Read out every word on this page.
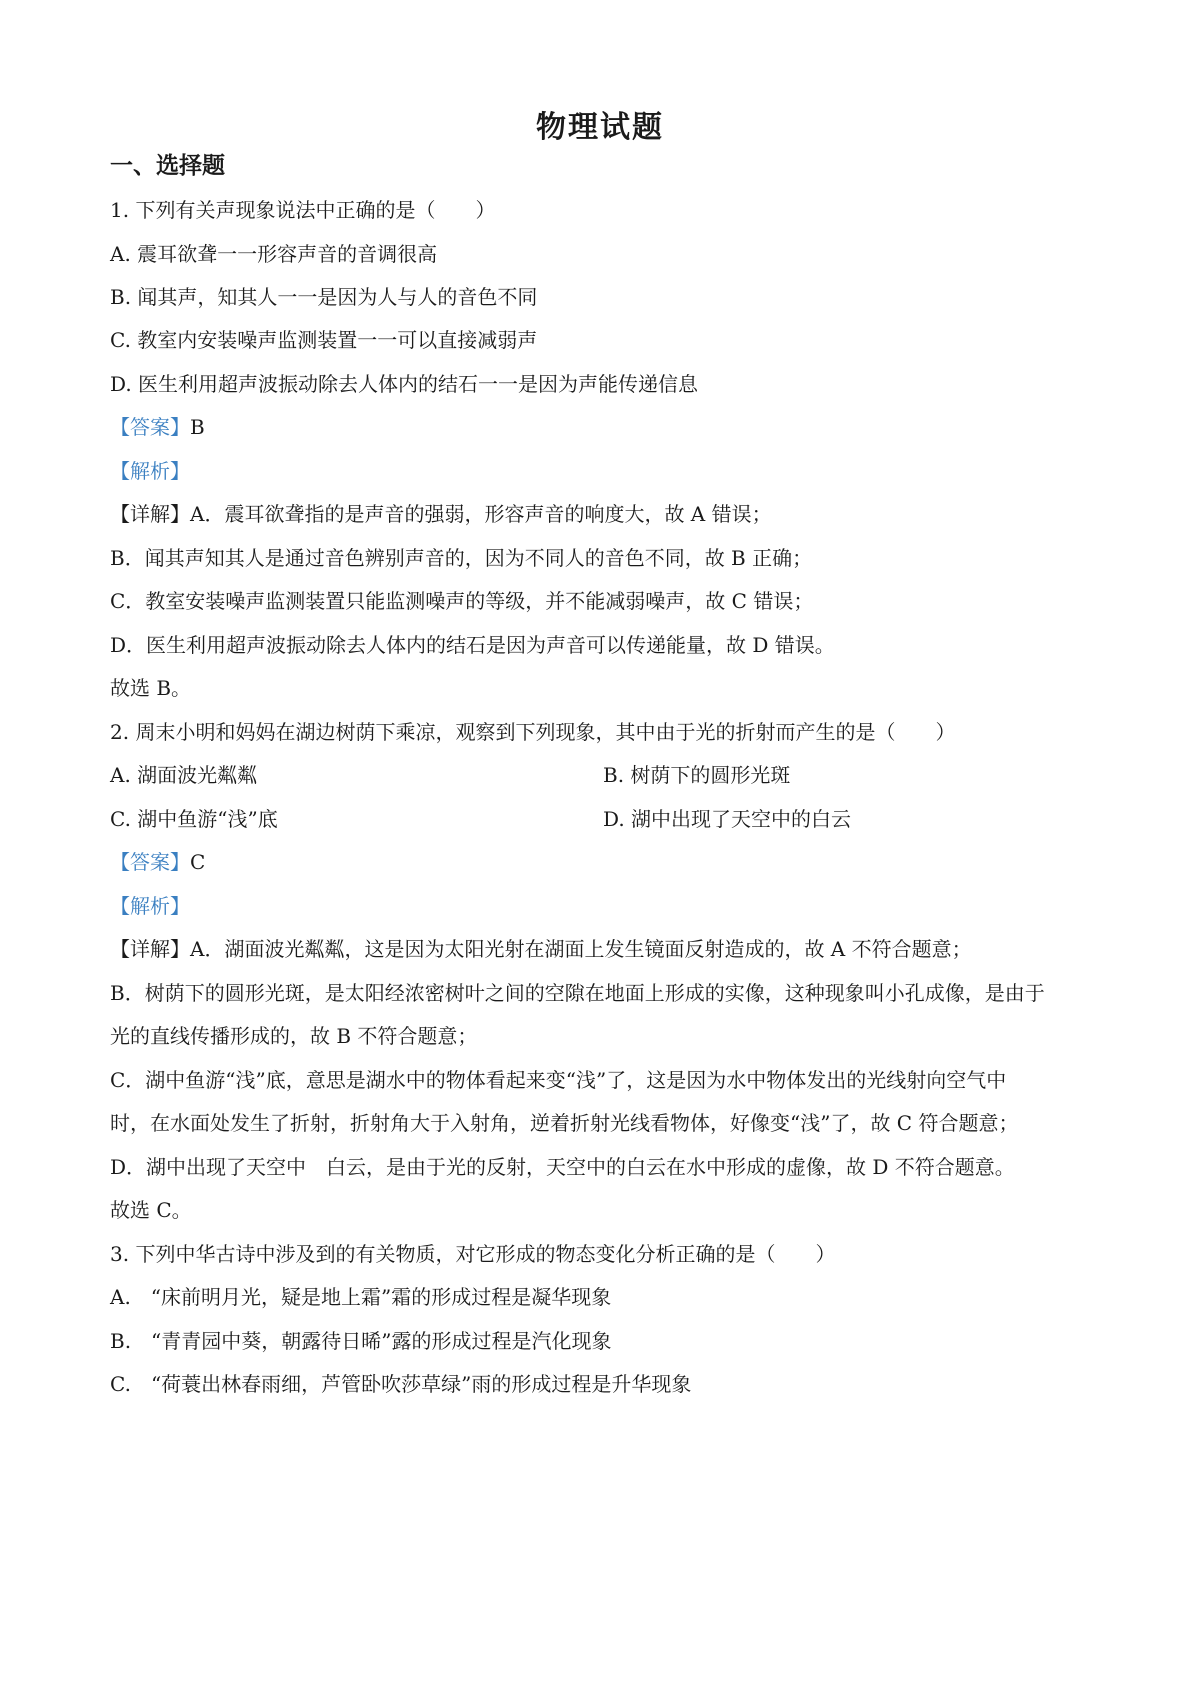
物理试题
一、选择题
1. 下列有关声现象说法中正确的是（　　）
A. 震耳欲聋一一形容声音的音调很高
B. 闻其声，知其人一一是因为人与人的音色不同
C. 教室内安装噪声监测装置一一可以直接减弱声
D. 医生利用超声波振动除去人体内的结石一一是因为声能传递信息
【答案】B
【解析】
【详解】A．震耳欲聋指的是声音的强弱，形容声音的响度大，故 A 错误；
B．闻其声知其人是通过音色辨别声音的，因为不同人的音色不同，故 B 正确；
C．教室安装噪声监测装置只能监测噪声的等级，并不能减弱噪声，故 C 错误；
D．医生利用超声波振动除去人体内的结石是因为声音可以传递能量，故 D 错误。
故选 B。
2. 周末小明和妈妈在湖边树荫下乘凉，观察到下列现象，其中由于光的折射而产生的是（　　）
A. 湖面波光粼粼	B. 树荫下的圆形光斑
C. 湖中鱼游“浅”底	D. 湖中出现了天空中的白云
【答案】C
【解析】
【详解】A．湖面波光粼粼，这是因为太阳光射在湖面上发生镜面反射造成的，故 A 不符合题意；
B．树荫下的圆形光斑，是太阳经浓密树叶之间的空隙在地面上形成的实像，这种现象叫小孔成像，是由于
光的直线传播形成的，故 B 不符合题意；
C．湖中鱼游“浅”底，意思是湖水中的物体看起来变“浅”了，这是因为水中物体发出的光线射向空气中
时，在水面处发生了折射，折射角大于入射角，逆着折射光线看物体，好像变“浅”了，故 C 符合题意；
D．湖中出现了天空中　白云，是由于光的反射，天空中的白云在水中形成的虚像，故 D 不符合题意。
故选 C。
3. 下列中华古诗中涉及到的有关物质，对它形成的物态变化分析正确的是（　　）
A.　“床前明月光，疑是地上霜”霜的形成过程是凝华现象
B.　“青青园中葵，朝露待日晞”露的形成过程是汽化现象
C.　“荷蓑出林春雨细，芦管卧吹莎草绿”雨的形成过程是升华现象
